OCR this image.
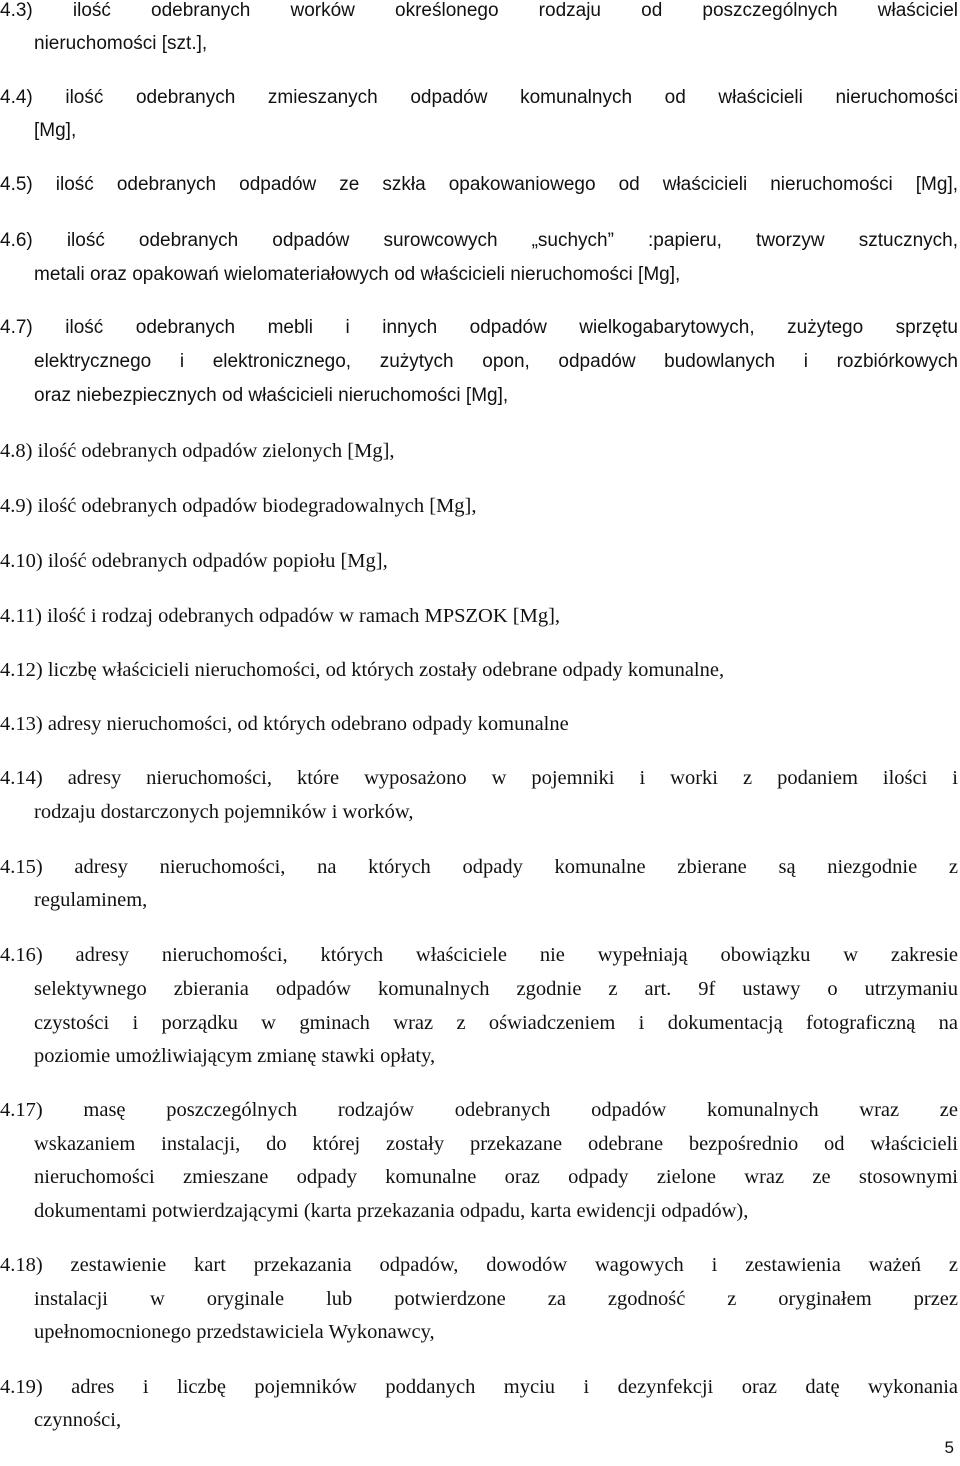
4.3) ilość odebranych worków określonego rodzaju od poszczególnych właściciel
nieruchomości [szt.],
4.4) ilość odebranych zmieszanych odpadów komunalnych od właścicieli nieruchomości
[Mg],
4.5) ilość odebranych odpadów ze szkła opakowaniowego od właścicieli nieruchomości [Mg],
4.6) ilość odebranych odpadów surowcowych „suchych” :papieru, tworzyw sztucznych,
metali oraz opakowań wielomateriałowych od właścicieli nieruchomości [Mg],
4.7) ilość odebranych mebli i innych odpadów wielkogabarytowych, zużytego sprzętu
elektrycznego i elektronicznego, zużytych opon, odpadów budowlanych i rozbiórkowych
oraz niebezpiecznych od właścicieli nieruchomości [Mg],
4.8) ilość odebranych odpadów zielonych [Mg],
4.9) ilość odebranych odpadów biodegradowalnych [Mg],
4.10) ilość odebranych odpadów popiołu [Mg],
4.11) ilość i rodzaj odebranych odpadów w ramach MPSZOK [Mg],
4.12) liczbę właścicieli nieruchomości, od których zostały odebrane odpady komunalne,
4.13) adresy nieruchomości, od których odebrano odpady komunalne
4.14) adresy nieruchomości, które wyposażono w pojemniki i worki z podaniem ilości i
rodzaju dostarczonych pojemników i worków,
4.15) adresy nieruchomości, na których odpady komunalne zbierane są niezgodnie z
regulaminem,
4.16) adresy nieruchomości, których właściciele nie wypełniają obowiązku w zakresie
selektywnego zbierania odpadów komunalnych zgodnie z art. 9f ustawy o utrzymaniu
czystości i porządku w gminach wraz z oświadczeniem i dokumentacją fotograficzną na
poziomie umożliwiającym zmianę stawki opłaty,
4.17) masę poszczególnych rodzajów odebranych odpadów komunalnych wraz ze
wskazaniem instalacji, do której zostały przekazane odebrane bezpośrednio od właścicieli
nieruchomości zmieszane odpady komunalne oraz odpady zielone wraz ze stosownymi
dokumentami potwierdzającymi (karta przekazania odpadu, karta ewidencji odpadów),
4.18) zestawienie kart przekazania odpadów, dowodów wagowych i zestawienia ważeń z
instalacji w oryginale lub potwierdzone za zgodność z oryginałem przez
upełnomocnionego przedstawiciela Wykonawcy,
4.19) adres i liczbę pojemników poddanych myciu i dezynfekcji oraz datę wykonania
czynności,
5
